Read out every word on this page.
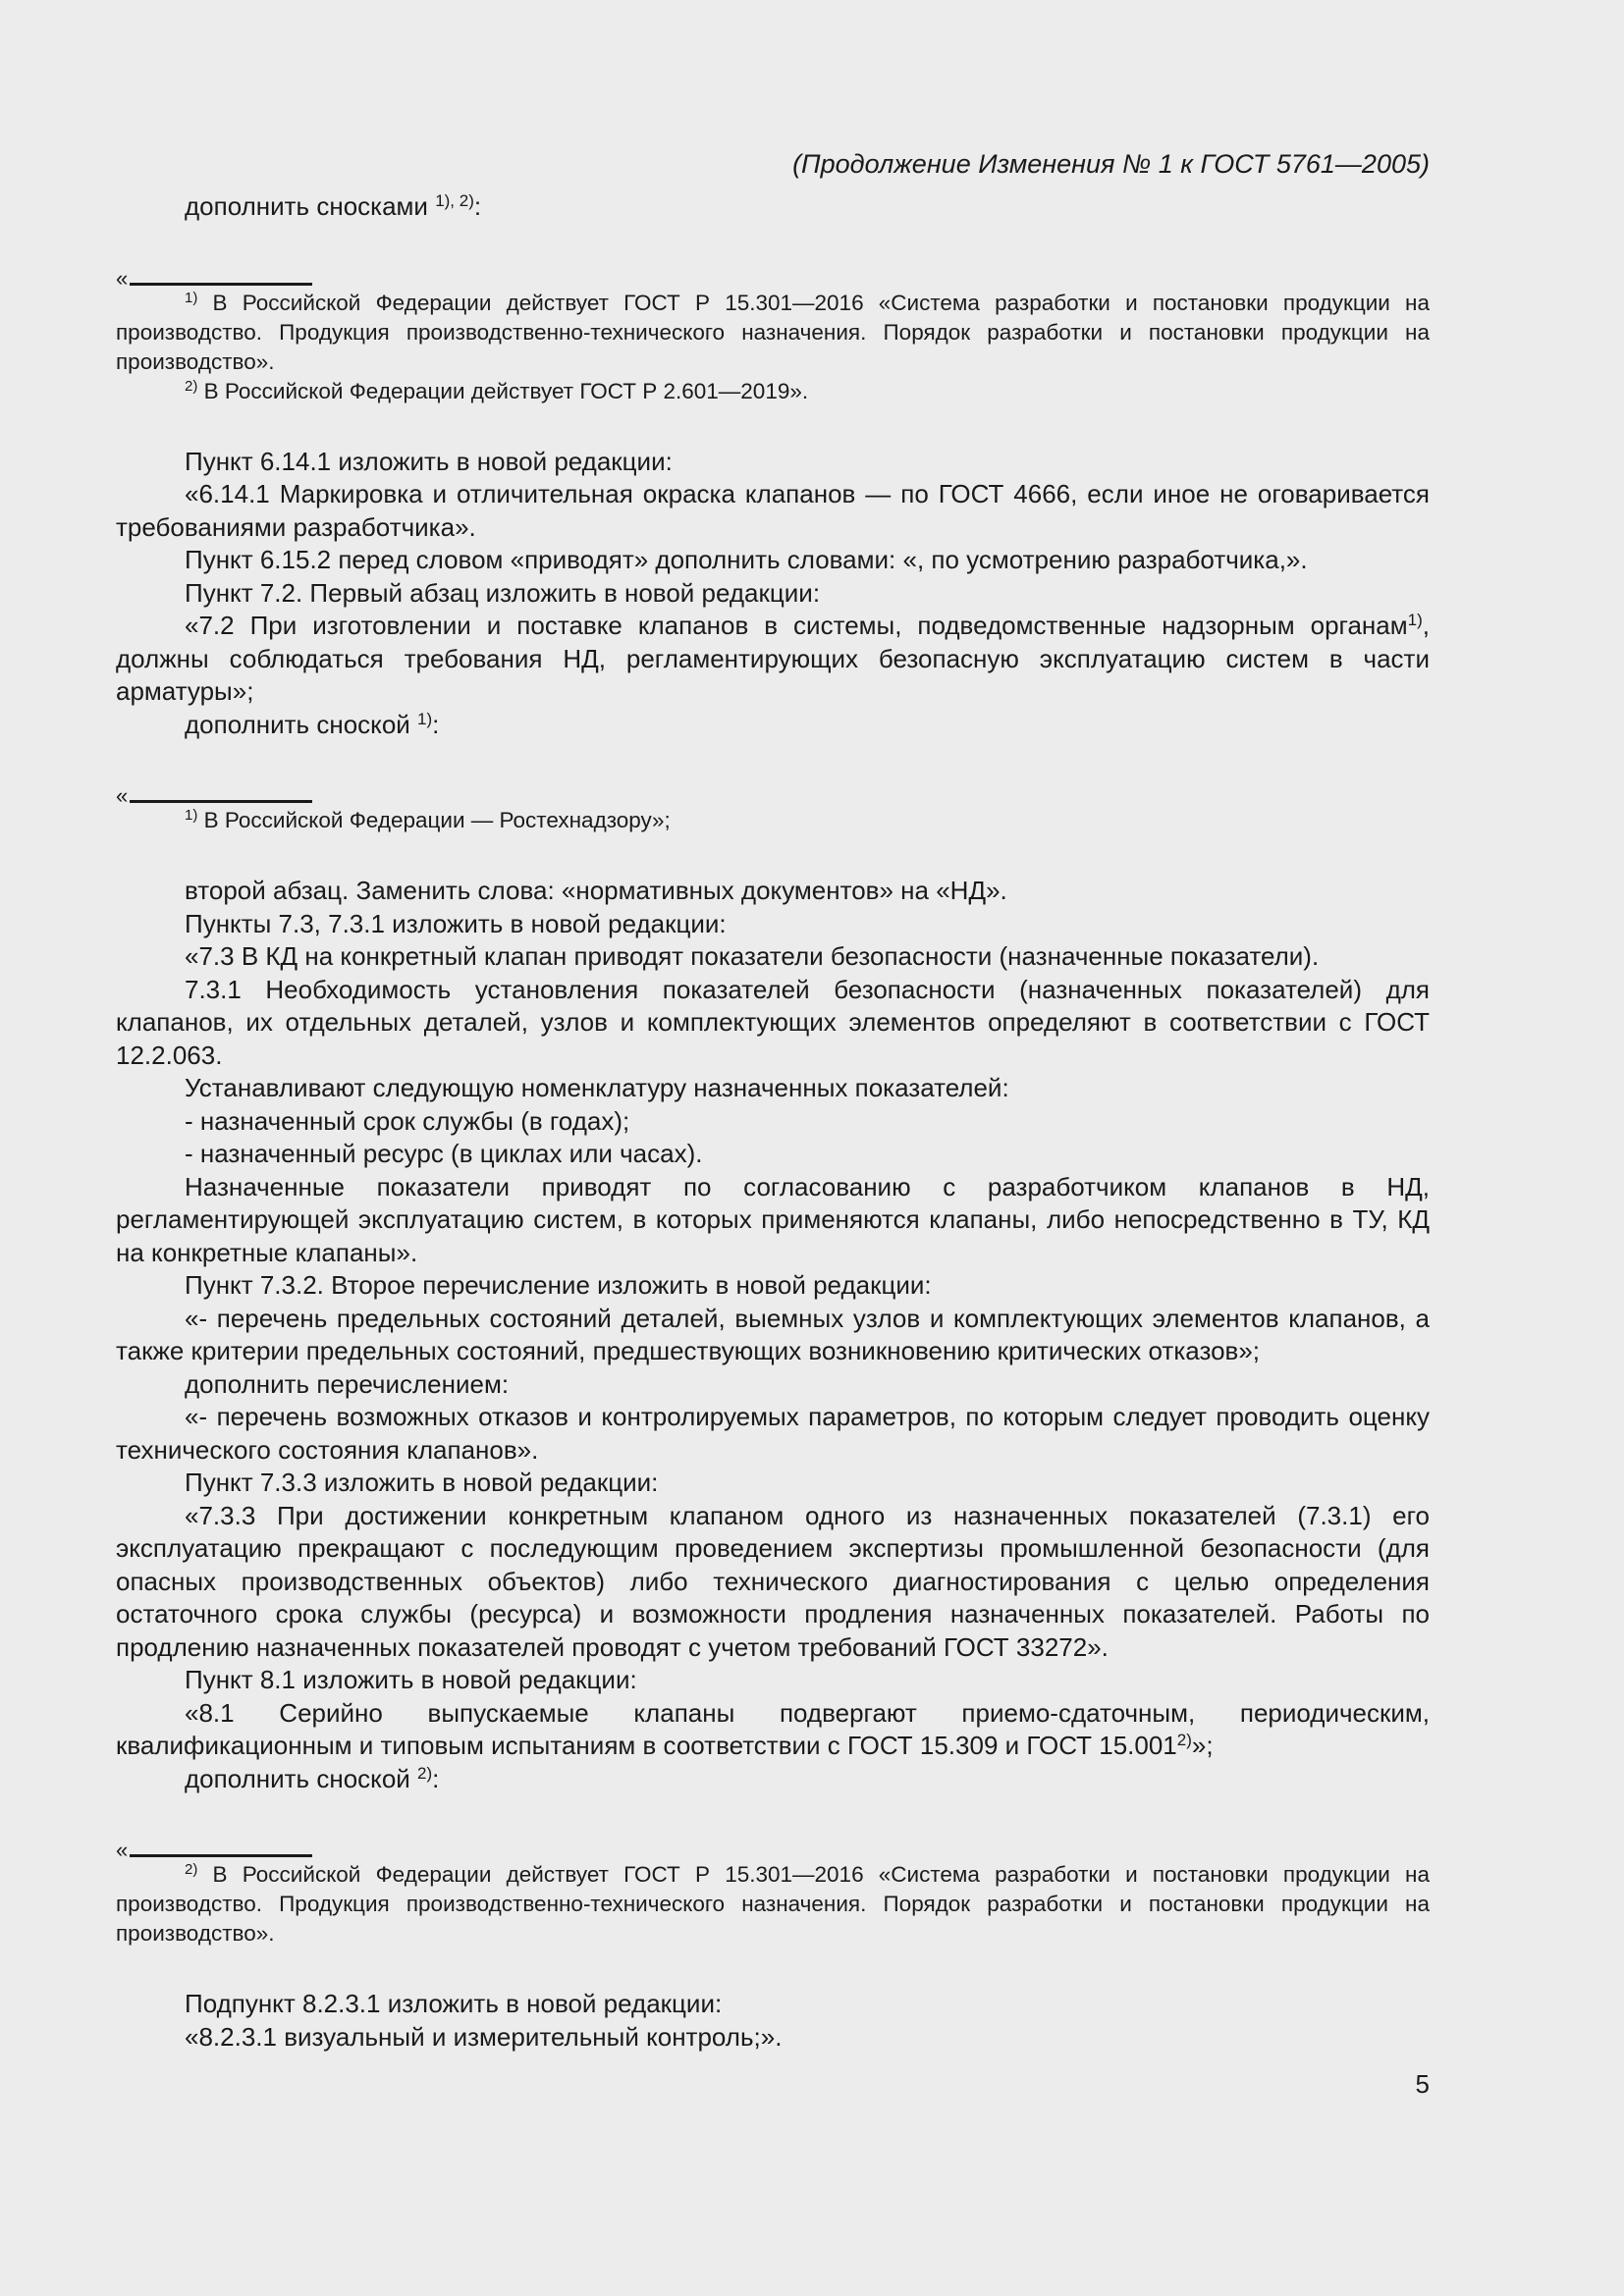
(Продолжение Изменения № 1 к ГОСТ 5761—2005)

дополнить сносками $^{1), 2)}$:

«

$^{1)}$ В Российской Федерации действует ГОСТ Р 15.301—2016 «Система разработки и постановки продукции на производство. Продукция производственно-технического назначения. Порядок разработки и постановки продукции на производство».

$^{2)}$ В Российской Федерации действует ГОСТ Р 2.601—2019».

Пункт 6.14.1 изложить в новой редакции:

«6.14.1 Маркировка и отличительная окраска клапанов — по ГОСТ 4666, если иное не оговаривается требованиями разработчика».

Пункт 6.15.2 перед словом «приводят» дополнить словами: «, по усмотрению разработчика,».

Пункт 7.2. Первый абзац изложить в новой редакции:

«7.2 При изготовлении и поставке клапанов в системы, подведомственные надзорным органам$^{1)}$, должны соблюдаться требования НД, регламентирующих безопасную эксплуатацию систем в части арматуры»;

дополнить сноской $^{1)}$:

«

$^{1)}$ В Российской Федерации — Ростехнадзору»;

второй абзац. Заменить слова: «нормативных документов» на «НД».

Пункты 7.3, 7.3.1 изложить в новой редакции:

«7.3 В КД на конкретный клапан приводят показатели безопасности (назначенные показатели).

7.3.1 Необходимость установления показателей безопасности (назначенных показателей) для клапанов, их отдельных деталей, узлов и комплектующих элементов определяют в соответствии с ГОСТ 12.2.063.

Устанавливают следующую номенклатуру назначенных показателей:

- назначенный срок службы (в годах);

- назначенный ресурс (в циклах или часах).

Назначенные показатели приводят по согласованию с разработчиком клапанов в НД, регламентирующей эксплуатацию систем, в которых применяются клапаны, либо непосредственно в ТУ, КД на конкретные клапаны».

Пункт 7.3.2. Второе перечисление изложить в новой редакции:

«- перечень предельных состояний деталей, выемных узлов и комплектующих элементов клапанов, а также критерии предельных состояний, предшествующих возникновению критических отказов»;

дополнить перечислением:

«- перечень возможных отказов и контролируемых параметров, по которым следует проводить оценку технического состояния клапанов».

Пункт 7.3.3 изложить в новой редакции:

«7.3.3 При достижении конкретным клапаном одного из назначенных показателей (7.3.1) его эксплуатацию прекращают с последующим проведением экспертизы промышленной безопасности (для опасных производственных объектов) либо технического диагностирования с целью определения остаточного срока службы (ресурса) и возможности продления назначенных показателей. Работы по продлению назначенных показателей проводят с учетом требований ГОСТ 33272».

Пункт 8.1 изложить в новой редакции:

«8.1 Серийно выпускаемые клапаны подвергают приемо-сдаточным, периодическим, квалификационным и типовым испытаниям в соответствии с ГОСТ 15.309 и ГОСТ 15.001$^{2)}$»;

дополнить сноской $^{2)}$:

«

$^{2)}$ В Российской Федерации действует ГОСТ Р 15.301—2016 «Система разработки и постановки продукции на производство. Продукция производственно-технического назначения. Порядок разработки и постановки продукции на производство».

Подпункт 8.2.3.1 изложить в новой редакции:

«8.2.3.1 визуальный и измерительный контроль;».

5
